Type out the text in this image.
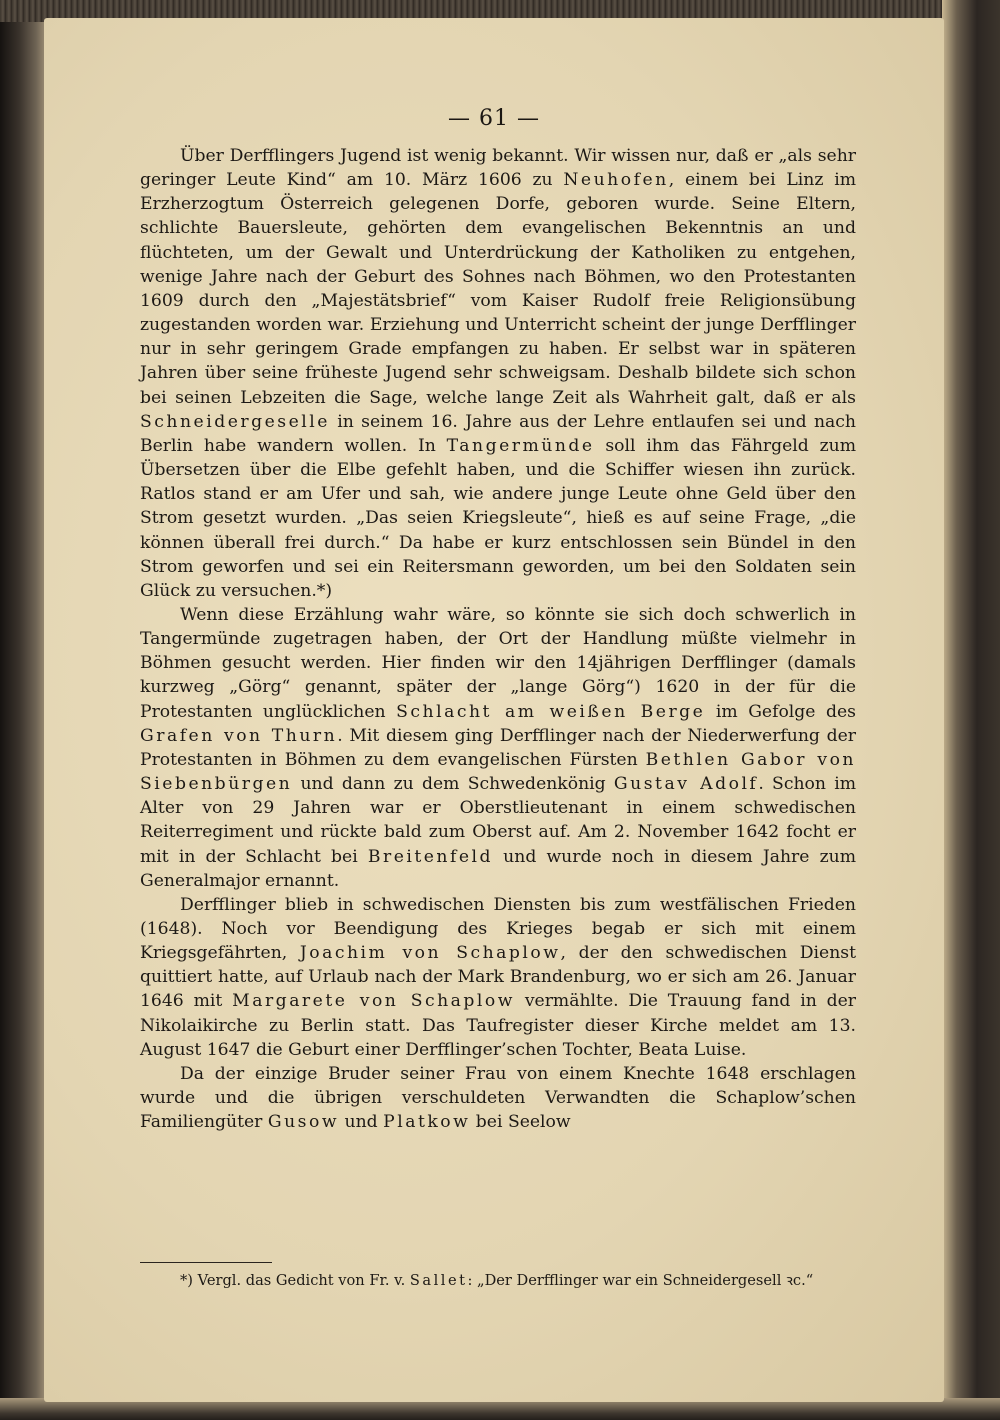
— 61 —

Über Derfflingers Jugend ist wenig bekannt. Wir wissen nur, daß er „als sehr geringer Leute Kind“ am 10. März 1606 zu Neuhofen, einem bei Linz im Erzherzogtum Österreich gelegenen Dorfe, geboren wurde. Seine Eltern, schlichte Bauersleute, gehörten dem evangelischen Bekenntnis an und flüchteten, um der Gewalt und Unterdrückung der Katholiken zu entgehen, wenige Jahre nach der Geburt des Sohnes nach Böhmen, wo den Protestanten 1609 durch den „Majestätsbrief“ vom Kaiser Rudolf freie Religionsübung zugestanden worden war. Erziehung und Unterricht scheint der junge Derfflinger nur in sehr geringem Grade empfangen zu haben. Er selbst war in späteren Jahren über seine früheste Jugend sehr schweigsam. Deshalb bildete sich schon bei seinen Lebzeiten die Sage, welche lange Zeit als Wahrheit galt, daß er als Schneidergeselle in seinem 16. Jahre aus der Lehre entlaufen sei und nach Berlin habe wandern wollen. In Tangermünde soll ihm das Fährgeld zum Übersetzen über die Elbe gefehlt haben, und die Schiffer wiesen ihn zurück. Ratlos stand er am Ufer und sah, wie andere junge Leute ohne Geld über den Strom gesetzt wurden. „Das seien Kriegsleute“, hieß es auf seine Frage, „die können überall frei durch.“ Da habe er kurz entschlossen sein Bündel in den Strom geworfen und sei ein Reitersmann geworden, um bei den Soldaten sein Glück zu versuchen.*)

Wenn diese Erzählung wahr wäre, so könnte sie sich doch schwerlich in Tangermünde zugetragen haben, der Ort der Handlung müßte vielmehr in Böhmen gesucht werden. Hier finden wir den 14jährigen Derfflinger (damals kurzweg „Görg“ genannt, später der „lange Görg“) 1620 in der für die Protestanten unglücklichen Schlacht am weißen Berge im Gefolge des Grafen von Thurn. Mit diesem ging Derfflinger nach der Niederwerfung der Protestanten in Böhmen zu dem evangelischen Fürsten Bethlen Gabor von Siebenbürgen und dann zu dem Schwedenkönig Gustav Adolf. Schon im Alter von 29 Jahren war er Oberstlieutenant in einem schwedischen Reiterregiment und rückte bald zum Oberst auf. Am 2. November 1642 focht er mit in der Schlacht bei Breitenfeld und wurde noch in diesem Jahre zum Generalmajor ernannt.

Derfflinger blieb in schwedischen Diensten bis zum westfälischen Frieden (1648). Noch vor Beendigung des Krieges begab er sich mit einem Kriegsgefährten, Joachim von Schaplow, der den schwedischen Dienst quittiert hatte, auf Urlaub nach der Mark Brandenburg, wo er sich am 26. Januar 1646 mit Margarete von Schaplow vermählte. Die Trauung fand in der Nikolaikirche zu Berlin statt. Das Taufregister dieser Kirche meldet am 13. August 1647 die Geburt einer Derfflinger’schen Tochter, Beata Luise.

Da der einzige Bruder seiner Frau von einem Knechte 1648 erschlagen wurde und die übrigen verschuldeten Verwandten die Schaplow’schen Familiengüter Gusow und Platkow bei Seelow

*) Vergl. das Gedicht von Fr. v. Sallet: „Der Derfflinger war ein Schneidergesell ꝛc.“
